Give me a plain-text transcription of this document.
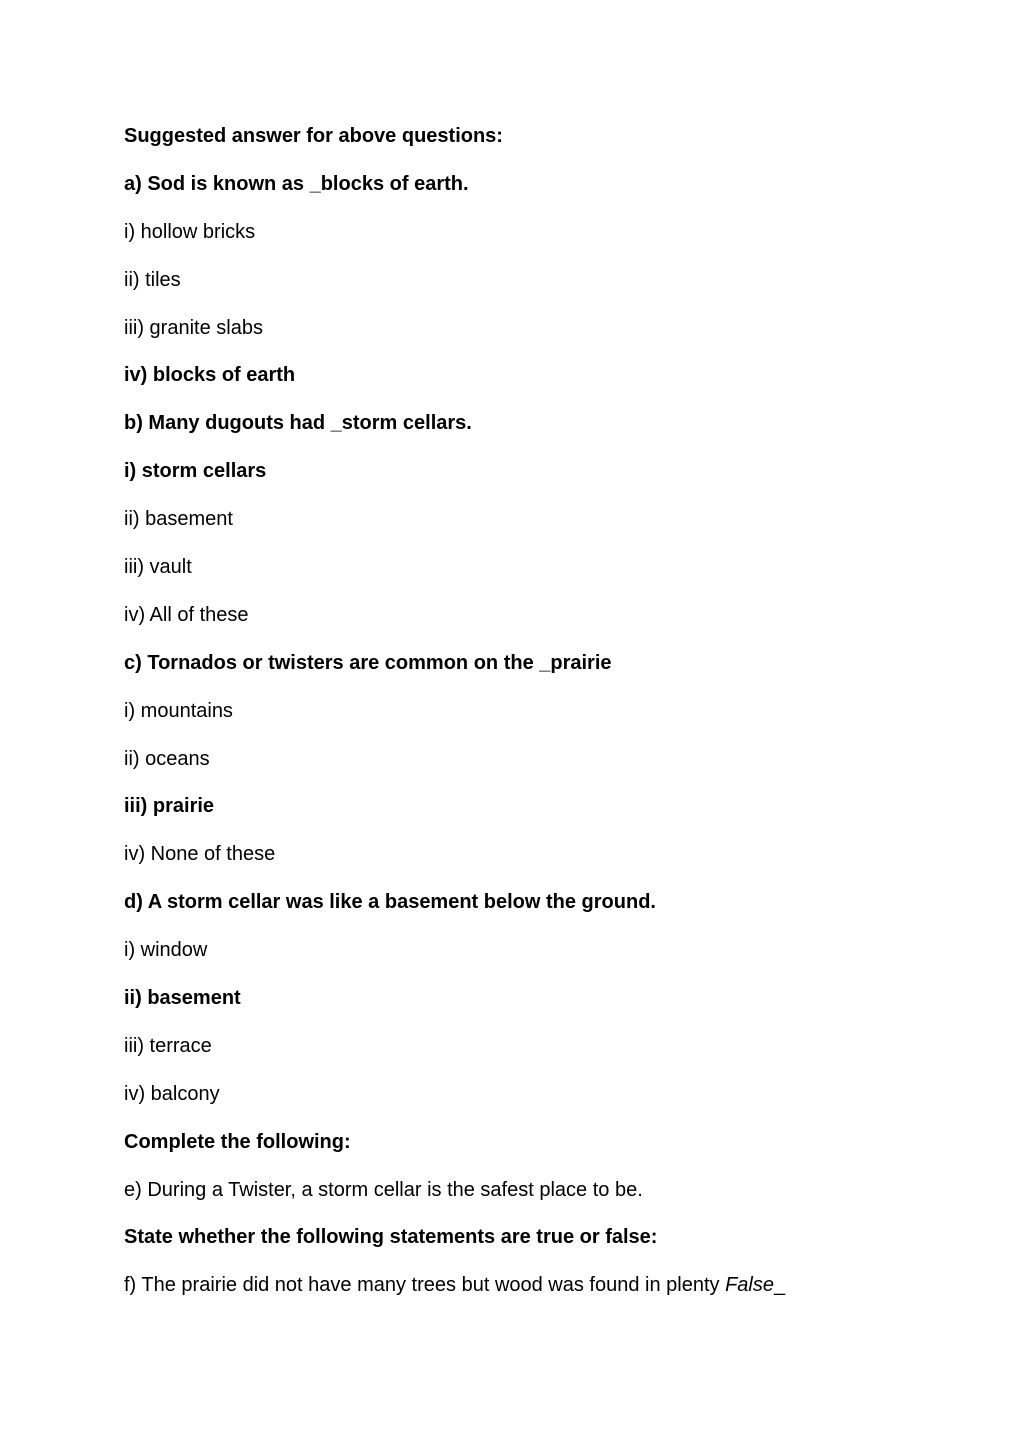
Suggested answer for above questions:
a) Sod is known as _blocks of earth.
i) hollow bricks
ii) tiles
iii) granite slabs
iv) blocks of earth
b) Many dugouts had _storm cellars.
i) storm cellars
ii) basement
iii) vault
iv) All of these
c) Tornados or twisters are common on the _prairie
i) mountains
ii) oceans
iii) prairie
iv) None of these
d) A storm cellar was like a basement below the ground.
i) window
ii) basement
iii) terrace
iv) balcony
Complete the following:
e) During a Twister, a storm cellar is the safest place to be.
State whether the following statements are true or false:
f) The prairie did not have many trees but wood was found in plenty False_
